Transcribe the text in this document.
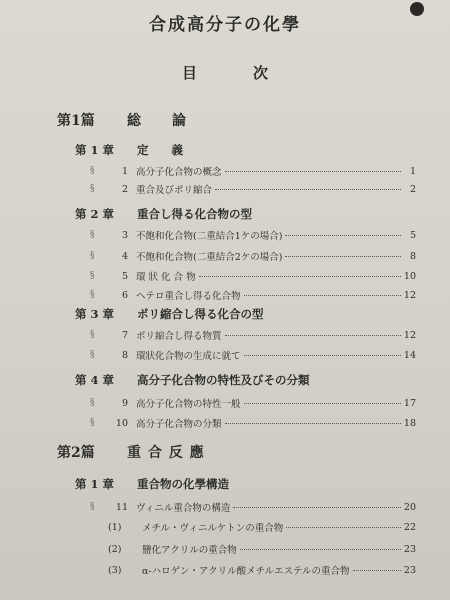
合成高分子の化學
目	次
第1篇 総　　論
第 1 章 定　　義
§	1 高分子化合物の概念	1
§	2 重合及びポリ縮合	2
第 2 章 重合し得る化合物の型
§	3 不飽和化合物(二重結合1ケの場合)	5
§	4 不飽和化合物(二重結合2ケの場合)	8
§	5 環 狀 化 合 物	10
§	6 ヘテロ重合し得る化合物	12
第 3 章 ポリ縮合し得る化合の型
§	7 ポリ縮合し得る物質	12
§	8 環狀化合物の生成に就て	14
第 4 章 高分子化合物の特性及びその分類
§	9 高分子化合物の特性一般	17
§	10 高分子化合物の分類	18
第2篇 重 合 反 應
第 1 章 重合物の化學構造
§	11 ヴィニル重合物の構造	20
(1)	メチル・ヴィニルケトンの重合物	22
(2)	鹽化アクリルの重合物	23
(3)	α-ハロゲン・アクリル酸メチルエステルの重合物	23
